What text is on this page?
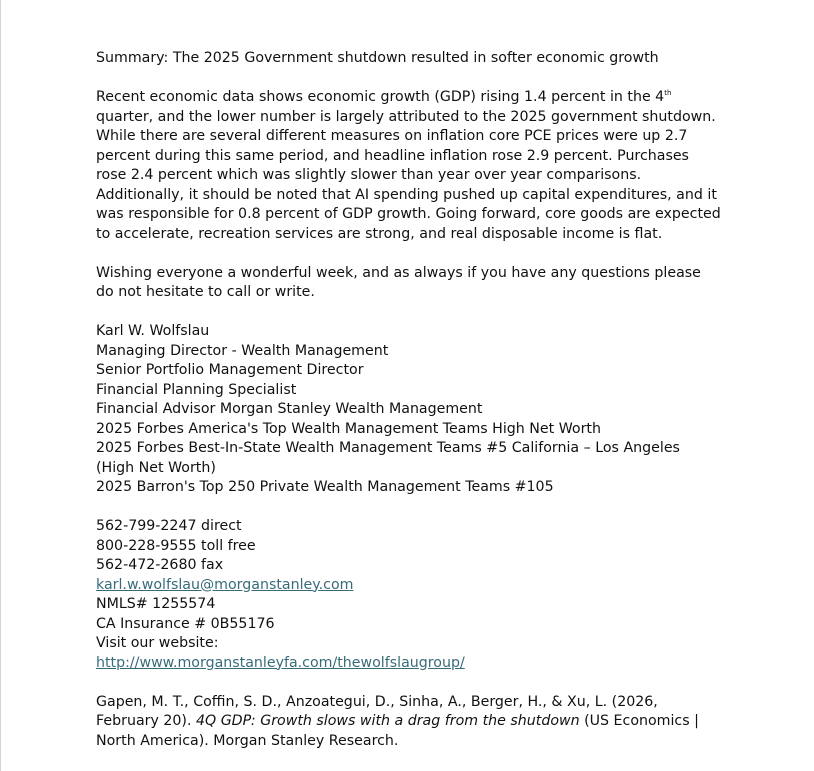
Summary: The 2025 Government shutdown resulted in softer economic growth

Recent economic data shows economic growth (GDP) rising 1.4 percent in the 4th quarter, and the lower number is largely attributed to the 2025 government shutdown. While there are several different measures on inflation core PCE prices were up 2.7 percent during this same period, and headline inflation rose 2.9 percent. Purchases rose 2.4 percent which was slightly slower than year over year comparisons. Additionally, it should be noted that AI spending pushed up capital expenditures, and it was responsible for 0.8 percent of GDP growth. Going forward, core goods are expected to accelerate, recreation services are strong, and real disposable income is flat.

Wishing everyone a wonderful week, and as always if you have any questions please do not hesitate to call or write.

Karl W. Wolfslau

Managing Director - Wealth Management

Senior Portfolio Management Director

Financial Planning Specialist

Financial Advisor Morgan Stanley Wealth Management

2025 Forbes America's Top Wealth Management Teams High Net Worth

2025 Forbes Best-In-State Wealth Management Teams #5 California – Los Angeles (High Net Worth)

2025 Barron's Top 250 Private Wealth Management Teams #105

562-799-2247 direct

800-228-9555 toll free

562-472-2680 fax

karl.w.wolfslau@morganstanley.com

NMLS# 1255574

CA Insurance # 0B55176

Visit our website:

http://www.morganstanleyfa.com/thewolfslaugroup/

Gapen, M. T., Coffin, S. D., Anzoategui, D., Sinha, A., Berger, H., & Xu, L. (2026, February 20). 4Q GDP: Growth slows with a drag from the shutdown (US Economics | North America). Morgan Stanley Research.
